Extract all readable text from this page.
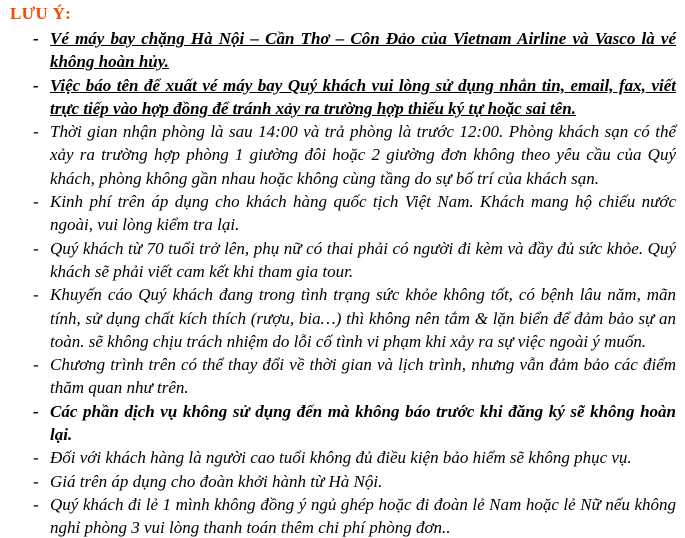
LƯU Ý:
- Vé máy bay chặng Hà Nội – Cần Thơ – Côn Đảo của Vietnam Airline và Vasco là vé không hoàn hủy.
- Việc báo tên để xuất vé máy bay Quý khách vui lòng sử dụng nhắn tin, email, fax, viết trực tiếp vào hợp đồng để tránh xảy ra trường hợp thiếu ký tự hoặc sai tên.
- Thời gian nhận phòng là sau 14:00 và trả phòng là trước 12:00. Phòng khách sạn có thể xảy ra trường hợp phòng 1 giường đôi hoặc 2 giường đơn không theo yêu cầu của Quý khách, phòng không gần nhau hoặc không cùng tầng do sự bố trí của khách sạn.
- Kinh phí trên áp dụng cho khách hàng quốc tịch Việt Nam. Khách mang hộ chiếu nước ngoài, vui lòng kiểm tra lại.
- Quý khách từ 70 tuổi trở lên, phụ nữ có thai phải có người đi kèm và đầy đủ sức khỏe. Quý khách sẽ phải viết cam kết khi tham gia tour.
- Khuyến cáo Quý khách đang trong tình trạng sức khỏe không tốt, có bệnh lâu năm, mãn tính, sử dụng chất kích thích (rượu, bia…) thì không nên tắm & lặn biển để đảm bảo sự an toàn. sẽ không chịu trách nhiệm do lỗi cố tình vi phạm khi xảy ra sự việc ngoài ý muốn.
- Chương trình trên có thể thay đổi về thời gian và lịch trình, nhưng vẫn đảm bảo các điểm thăm quan như trên.
- Các phần dịch vụ không sử dụng đến mà không báo trước khi đăng ký sẽ không hoàn lại.
- Đối với khách hàng là người cao tuổi không đủ điều kiện bảo hiểm sẽ không phục vụ.
- Giá trên áp dụng cho đoàn khởi hành từ Hà Nội.
- Quý khách đi lẻ 1 mình không đồng ý ngủ ghép hoặc đi đoàn lẻ Nam hoặc lẻ Nữ nếu không nghỉ phòng 3 vui lòng thanh toán thêm chi phí phòng đơn..
